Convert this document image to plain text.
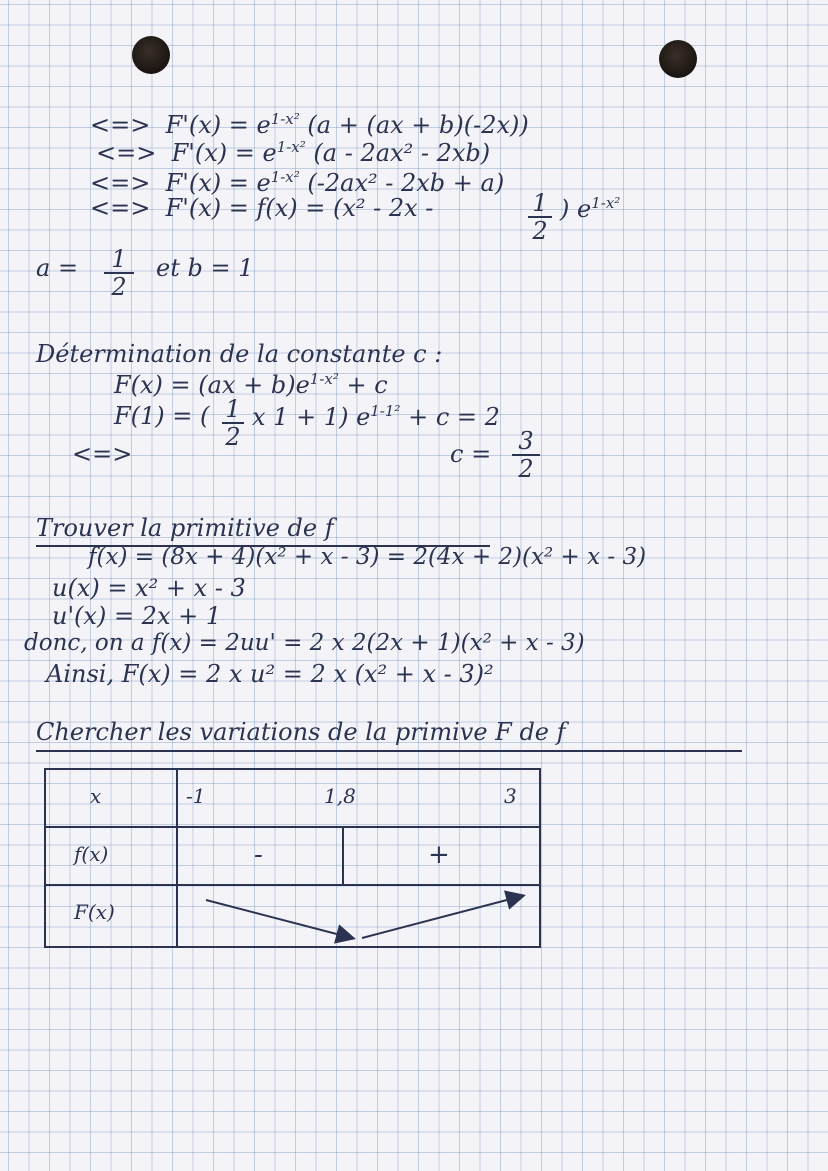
<=> $F'(x) = e^{1-x^2}$ (a + (ax + b)(-2x))
<=> $F'(x) = e^{1-x^2}$ (a - 2ax² - 2xb)
<=> $F'(x) = e^{1-x^2}$ (-2ax² - 2xb + a)
<=> F'(x) = f(x) = (x² - 2x -	1
2
) $e^{1-x^2}$
a =	1
2
et b = 1
Détermination de la constante c :
$F(x) = (ax + b)e^{1-x^2} + c$
F(1) = ( 1
2
x 1 + 1) $e^{1-1^2} + c = 2$
<=>	c =	3
2
Trouver la primitive de f
f(x) = (8x + 4)(x² + x - 3) = 2(4x + 2)(x² + x - 3)
u(x) = x² + x - 3
u'(x) = 2x + 1
donc, on a f(x) = 2uu' = 2 x 2(2x + 1)(x² + x - 3)
Ainsi, F(x) = 2 x u² = 2 x (x² + x - 3)²
Chercher les variations de la primive F de f
x	-1 1,8 3

f(x)	- +

F(x)
